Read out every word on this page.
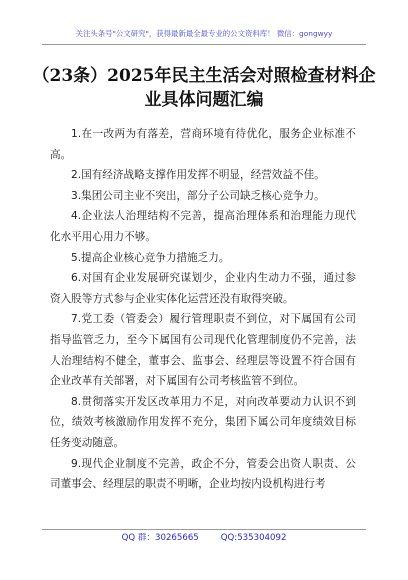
关注头条号"公文研究"，获得最新最全最专业的公文资料库！ 微信：gongwyy
（23条）2025年民主生活会对照检查材料企业具体问题汇编

1.在一改两为有落差，营商环境有待优化，服务企业标准不高。

2.国有经济战略支撑作用发挥不明显，经营效益不佳。

3.集团公司主业不突出，部分子公司缺乏核心竞争力。

4.企业法人治理结构不完善，提高治理体系和治理能力现代化水平用心用力不够。

5.提高企业核心竞争力措施乏力。

6.对国有企业发展研究谋划少，企业内生动力不强，通过参资入股等方式参与企业实体化运营还没有取得突破。

7.党工委（管委会）履行管理职责不到位，对下属国有公司指导监管乏力，至今下属国有公司现代化管理制度仍不完善，法人治理结构不健全，董事会、监事会、经理层等设置不符合国有企业改革有关部署，对下属国有公司考核监管不到位。

8.贯彻落实开发区改革用力不足，对向改革要动力认识不到位，绩效考核激励作用发挥不充分，集团下属公司年度绩效目标任务变动随意。

9.现代企业制度不完善，政企不分，管委会出资人职责、公司董事会、经理层的职责不明晰，企业均按内设机构进行考

QQ 群：30265665	QQ:535304092
